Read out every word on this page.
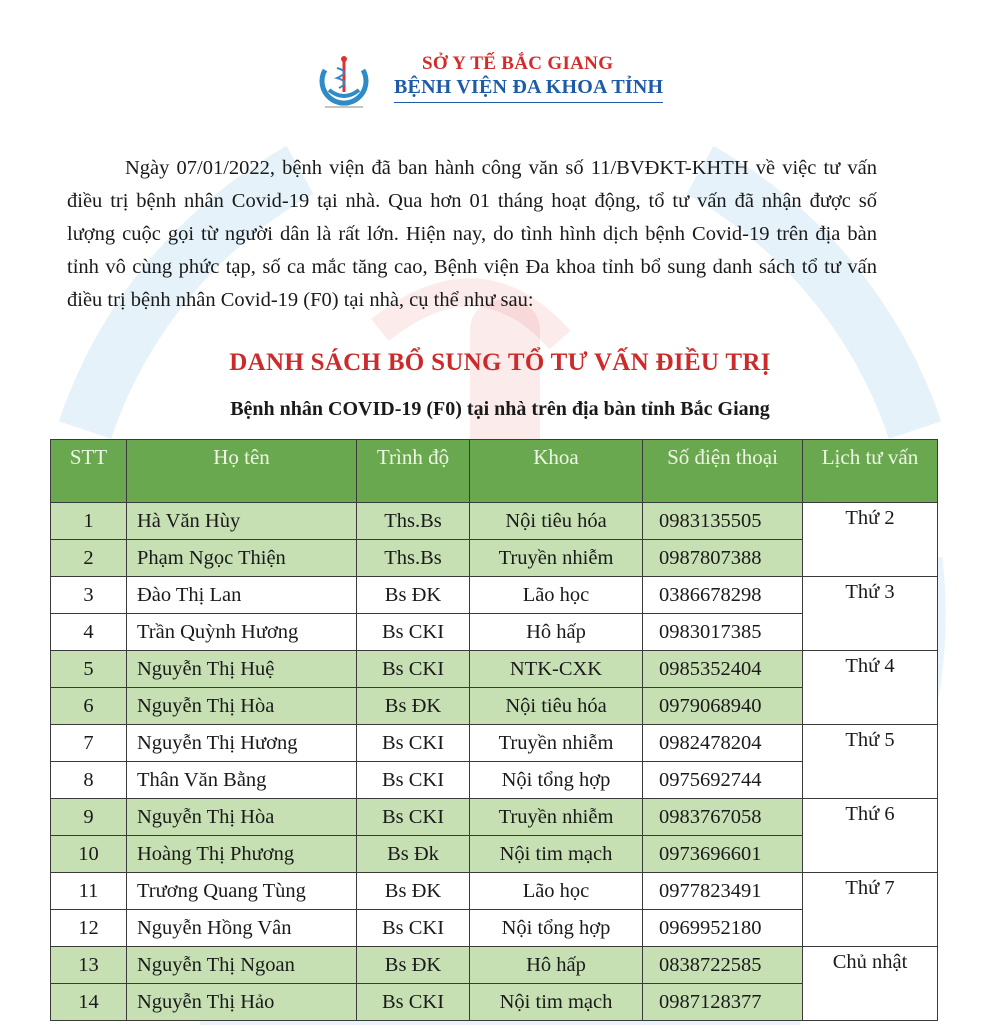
SỞ Y TẾ BẮC GIANG
BỆNH VIỆN ĐA KHOA TỈNH

Ngày 07/01/2022, bệnh viện đã ban hành công văn số 11/BVĐKT-KHTH về việc tư vấn điều trị bệnh nhân Covid-19 tại nhà. Qua hơn 01 tháng hoạt động, tổ tư vấn đã nhận được số lượng cuộc gọi từ người dân là rất lớn. Hiện nay, do tình hình dịch bệnh Covid-19 trên địa bàn tỉnh vô cùng phức tạp, số ca mắc tăng cao, Bệnh viện Đa khoa tỉnh bổ sung danh sách tổ tư vấn điều trị bệnh nhân Covid-19 (F0) tại nhà, cụ thể như sau:

DANH SÁCH BỔ SUNG TỔ TƯ VẤN ĐIỀU TRỊ
Bệnh nhân COVID-19 (F0) tại nhà trên địa bàn tỉnh Bắc Giang
STT	Họ tên	Trình độ	Khoa	Số điện thoại	Lịch tư vấn
1	Hà Văn Hùy	Ths.Bs	Nội tiêu hóa	0983135505	Thứ 2
2	Phạm Ngọc Thiện	Ths.Bs	Truyền nhiễm	0987807388	
3	Đào Thị Lan	Bs ĐK	Lão học	0386678298	Thứ 3
4	Trần Quỳnh Hương	Bs CKI	Hô hấp	0983017385	
5	Nguyễn Thị Huệ	Bs CKI	NTK-CXK	0985352404	Thứ 4
6	Nguyễn Thị Hòa	Bs ĐK	Nội tiêu hóa	0979068940	
7	Nguyễn Thị Hương	Bs CKI	Truyền nhiễm	0982478204	Thứ 5
8	Thân Văn Bằng	Bs CKI	Nội tổng hợp	0975692744	
9	Nguyễn Thị Hòa	Bs CKI	Truyền nhiễm	0983767058	Thứ 6
10	Hoàng Thị Phương	Bs Đk	Nội tim mạch	0973696601	
11	Trương Quang Tùng	Bs ĐK	Lão học	0977823491	Thứ 7
12	Nguyễn Hồng Vân	Bs CKI	Nội tổng hợp	0969952180	
13	Nguyễn Thị Ngoan	Bs ĐK	Hô hấp	0838722585	Chủ nhật
14	Nguyễn Thị Hảo	Bs CKI	Nội tim mạch	0987128377	
